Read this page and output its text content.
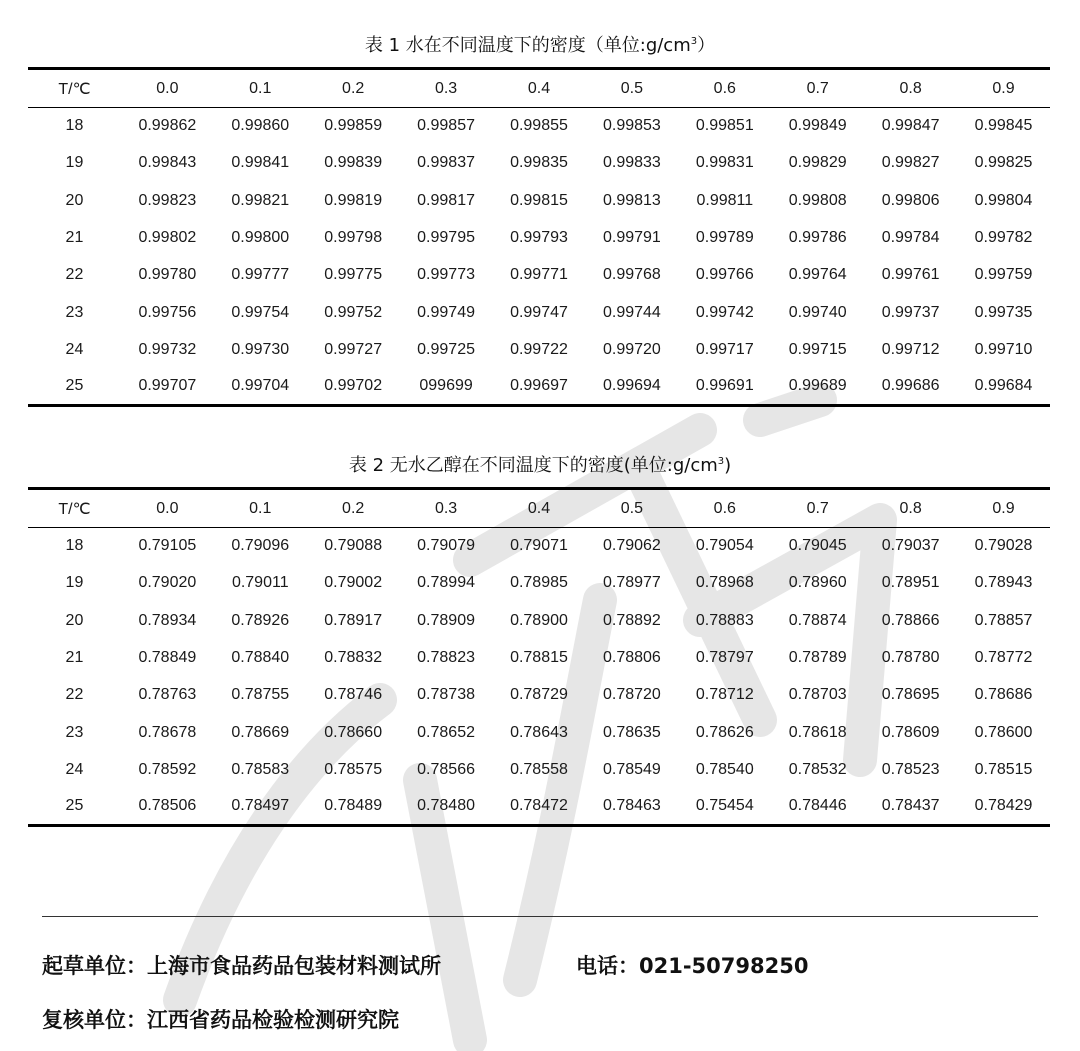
表 1 水在不同温度下的密度（单位$:g/cm^3$）
T/℃	0.0	0.1	0.2	0.3	0.4	0.5	0.6	0.7	0.8	0.9
18	0.99862	0.99860	0.99859	0.99857	0.99855	0.99853	0.99851	0.99849	0.99847	0.99845
19	0.99843	0.99841	0.99839	0.99837	0.99835	0.99833	0.99831	0.99829	0.99827	0.99825
20	0.99823	0.99821	0.99819	0.99817	0.99815	0.99813	0.99811	0.99808	0.99806	0.99804
21	0.99802	0.99800	0.99798	0.99795	0.99793	0.99791	0.99789	0.99786	0.99784	0.99782
22	0.99780	0.99777	0.99775	0.99773	0.99771	0.99768	0.99766	0.99764	0.99761	0.99759
23	0.99756	0.99754	0.99752	0.99749	0.99747	0.99744	0.99742	0.99740	0.99737	0.99735
24	0.99732	0.99730	0.99727	0.99725	0.99722	0.99720	0.99717	0.99715	0.99712	0.99710
25	0.99707	0.99704	0.99702	099699	0.99697	0.99694	0.99691	0.99689	0.99686	0.99684
表 2 无水乙醇在不同温度下的密度(单位$:g/cm^3$)
T/℃	0.0	0.1	0.2	0.3	0.4	0.5	0.6	0.7	0.8	0.9
18	0.79105	0.79096	0.79088	0.79079	0.79071	0.79062	0.79054	0.79045	0.79037	0.79028
19	0.79020	0.79011	0.79002	0.78994	0.78985	0.78977	0.78968	0.78960	0.78951	0.78943
20	0.78934	0.78926	0.78917	0.78909	0.78900	0.78892	0.78883	0.78874	0.78866	0.78857
21	0.78849	0.78840	0.78832	0.78823	0.78815	0.78806	0.78797	0.78789	0.78780	0.78772
22	0.78763	0.78755	0.78746	0.78738	0.78729	0.78720	0.78712	0.78703	0.78695	0.78686
23	0.78678	0.78669	0.78660	0.78652	0.78643	0.78635	0.78626	0.78618	0.78609	0.78600
24	0.78592	0.78583	0.78575	0.78566	0.78558	0.78549	0.78540	0.78532	0.78523	0.78515
25	0.78506	0.78497	0.78489	0.78480	0.78472	0.78463	0.75454	0.78446	0.78437	0.78429
起草单位：上海市食品药品包装材料测试所	电话：021-50798250
复核单位：江西省药品检验检测研究院
